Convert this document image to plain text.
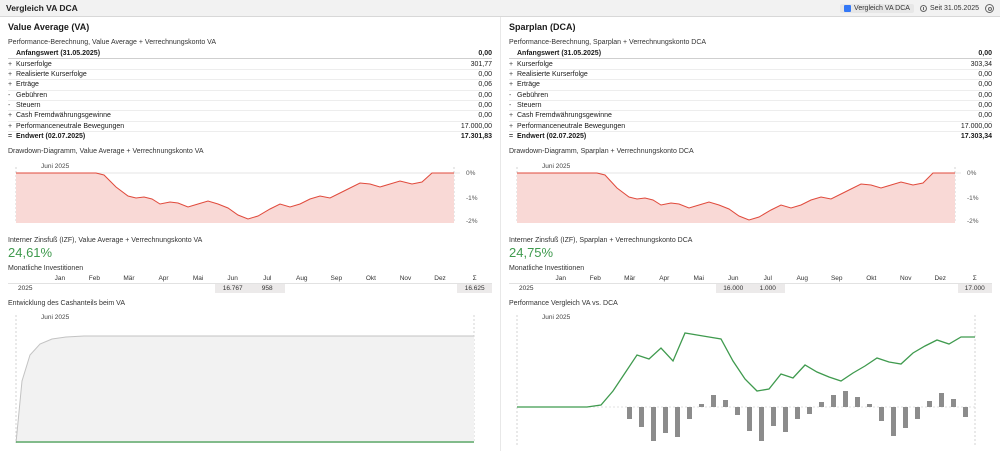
Vergleich VA DCA	Vergleich VA DCA	Seit 31.05.2025
Value Average (VA)
Performance-Berechnung, Value Average + Verrechnungskonto VA
	Anfangswert (31.05.2025)	0,00
+	Kurserfolge	301,77
+	Realisierte Kurserfolge	0,00
+	Erträge	0,06
-	Gebühren	0,00
-	Steuern	0,00
+	Cash Fremdwährungsgewinne	0,00
+	Performanceneutrale Bewegungen	17.000,00
=	Endwert (02.07.2025)	17.301,83
Drawdown-Diagramm, Value Average + Verrechnungskonto VA
Juni 2025
0%
-1%
-2%
Interner Zinsfuß (IZF), Value Average + Verrechnungskonto VA
24,61%
Monatliche Investitionen
	Jan	Feb	Mär	Apr	Mai	Jun	Jul	Aug	Sep	Okt	Nov	Dez	Σ
2025						16.767	958						16.625
Entwicklung des Cashanteils beim VA
Juni 2025
Sparplan (DCA)
Performance-Berechnung, Sparplan + Verrechnungskonto DCA
	Anfangswert (31.05.2025)	0,00
+	Kurserfolge	303,34
+	Realisierte Kurserfolge	0,00
+	Erträge	0,00
-	Gebühren	0,00
-	Steuern	0,00
+	Cash Fremdwährungsgewinne	0,00
+	Performanceneutrale Bewegungen	17.000,00
=	Endwert (02.07.2025)	17.303,34
Drawdown-Diagramm, Sparplan + Verrechnungskonto DCA
Juni 2025
0%
-1%
-2%
Interner Zinsfuß (IZF), Sparplan + Verrechnungskonto DCA
24,75%
Monatliche Investitionen
	Jan	Feb	Mär	Apr	Mai	Jun	Jul	Aug	Sep	Okt	Nov	Dez	Σ
2025						16.000	1.000						17.000
Performance Vergleich VA vs. DCA
Juni 2025
